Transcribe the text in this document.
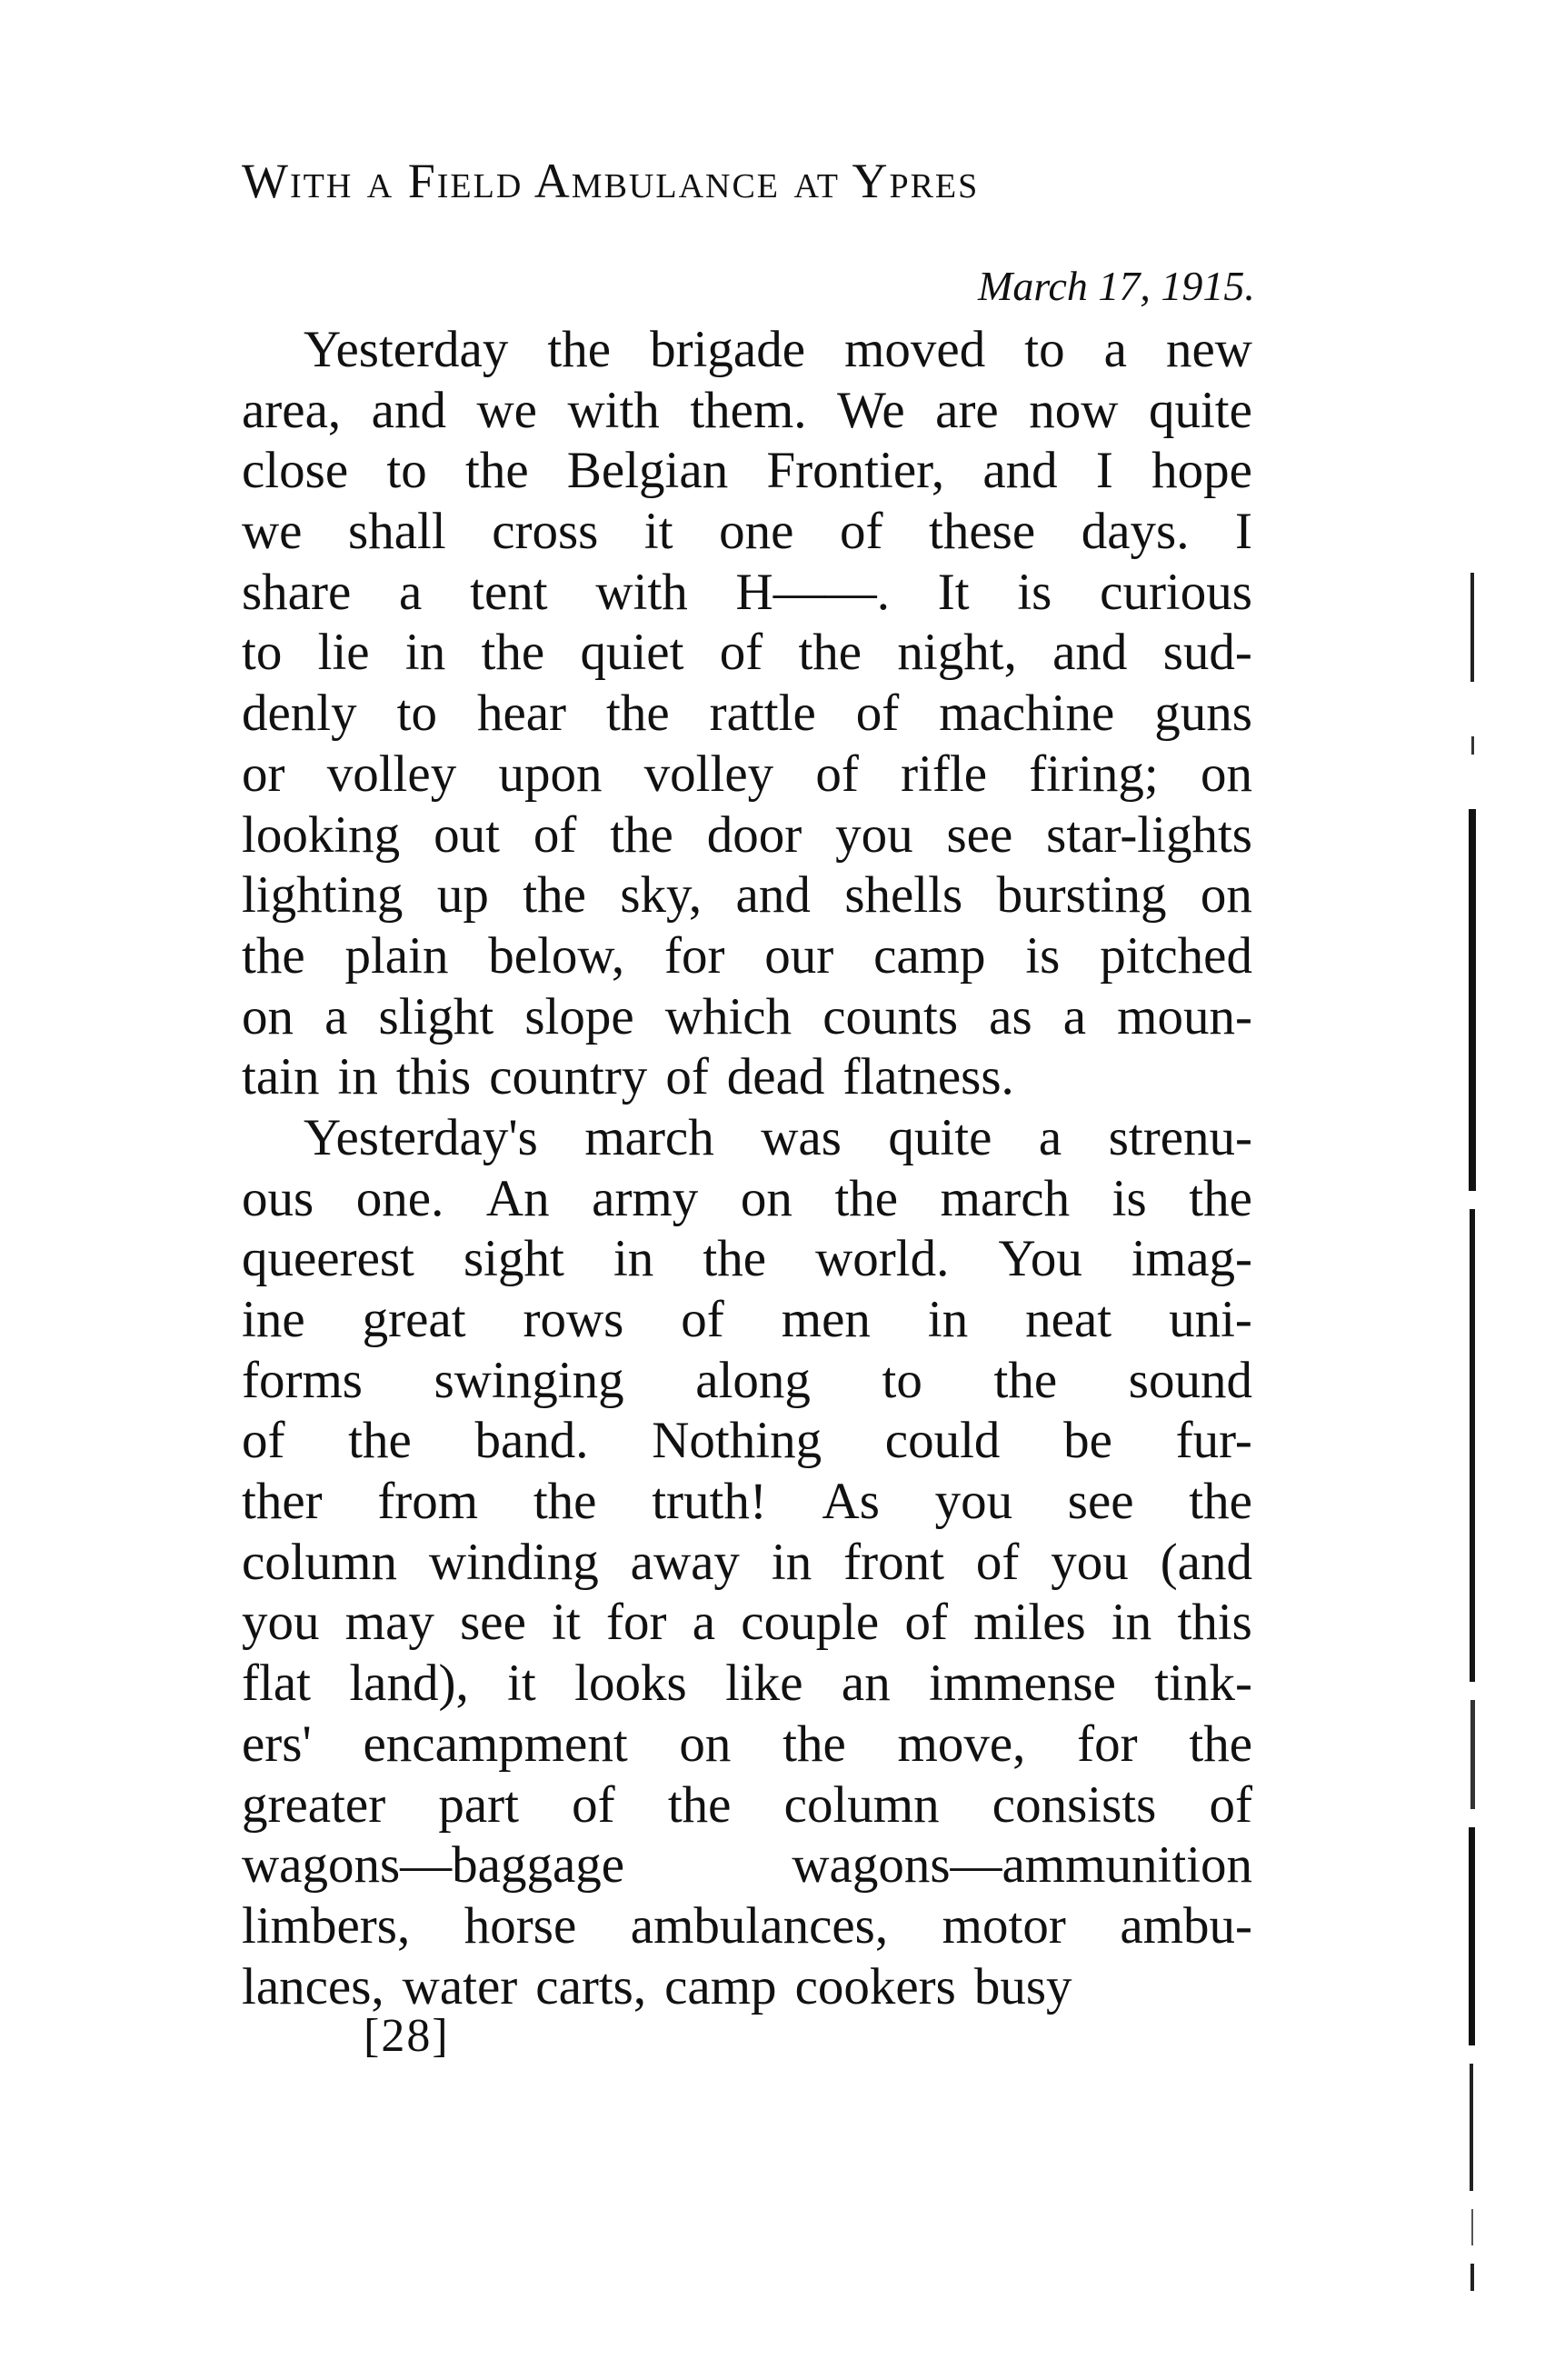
With a Field Ambulance at Ypres
March 17, 1915.
Yesterday the brigade moved to a new
area, and we with them. We are now quite
close to the Belgian Frontier, and I hope
we shall cross it one of these days. I
share a tent with H——. It is curious
to lie in the quiet of the night, and sud-
denly to hear the rattle of machine guns
or volley upon volley of rifle firing; on
looking out of the door you see star-lights
lighting up the sky, and shells bursting on
the plain below, for our camp is pitched
on a slight slope which counts as a moun-
tain in this country of dead flatness.
Yesterday's march was quite a strenu-
ous one. An army on the march is the
queerest sight in the world. You imag-
ine great rows of men in neat uni-
forms swinging along to the sound
of the band. Nothing could be fur-
ther from the truth! As you see the
column winding away in front of you (and
you may see it for a couple of miles in this
flat land), it looks like an immense tink-
ers' encampment on the move, for the
greater part of the column consists of
wagons—baggage	wagons—ammunition
limbers, horse ambulances, motor ambu-
lances, water carts, camp cookers busy
[28]
